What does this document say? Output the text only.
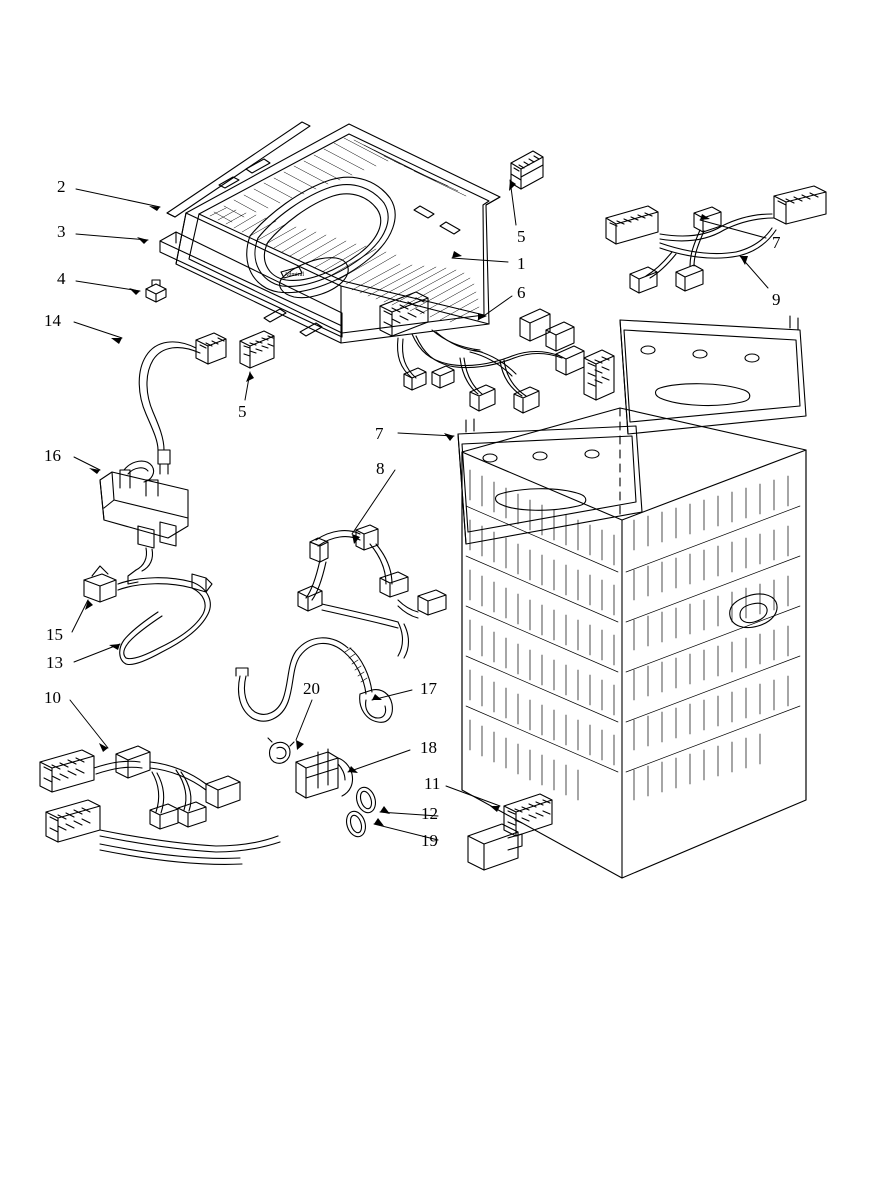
Admiral
2
3
4
14
16
15
13
10
5
8
7
20
18
17
11
12
19
5
1
6	9
7
